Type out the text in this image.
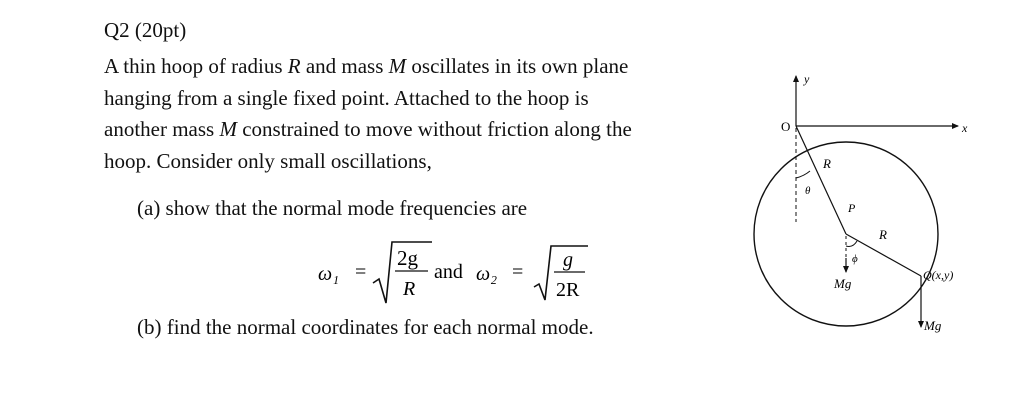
Q2 (20pt)
A thin hoop of radius R and mass M oscillates in its own plane
hanging from a single fixed point. Attached to the hoop is
another mass M constrained to move without friction along the
hoop. Consider only small oscillations,
(a) show that the normal mode frequencies are
ω₁ =
2g
R
and ω₂ =
g
2R
(b) find the normal coordinates for each normal mode.
y
x
O
R
θ
P
R
ϕ
Mg
Q(x,y)
Mg
